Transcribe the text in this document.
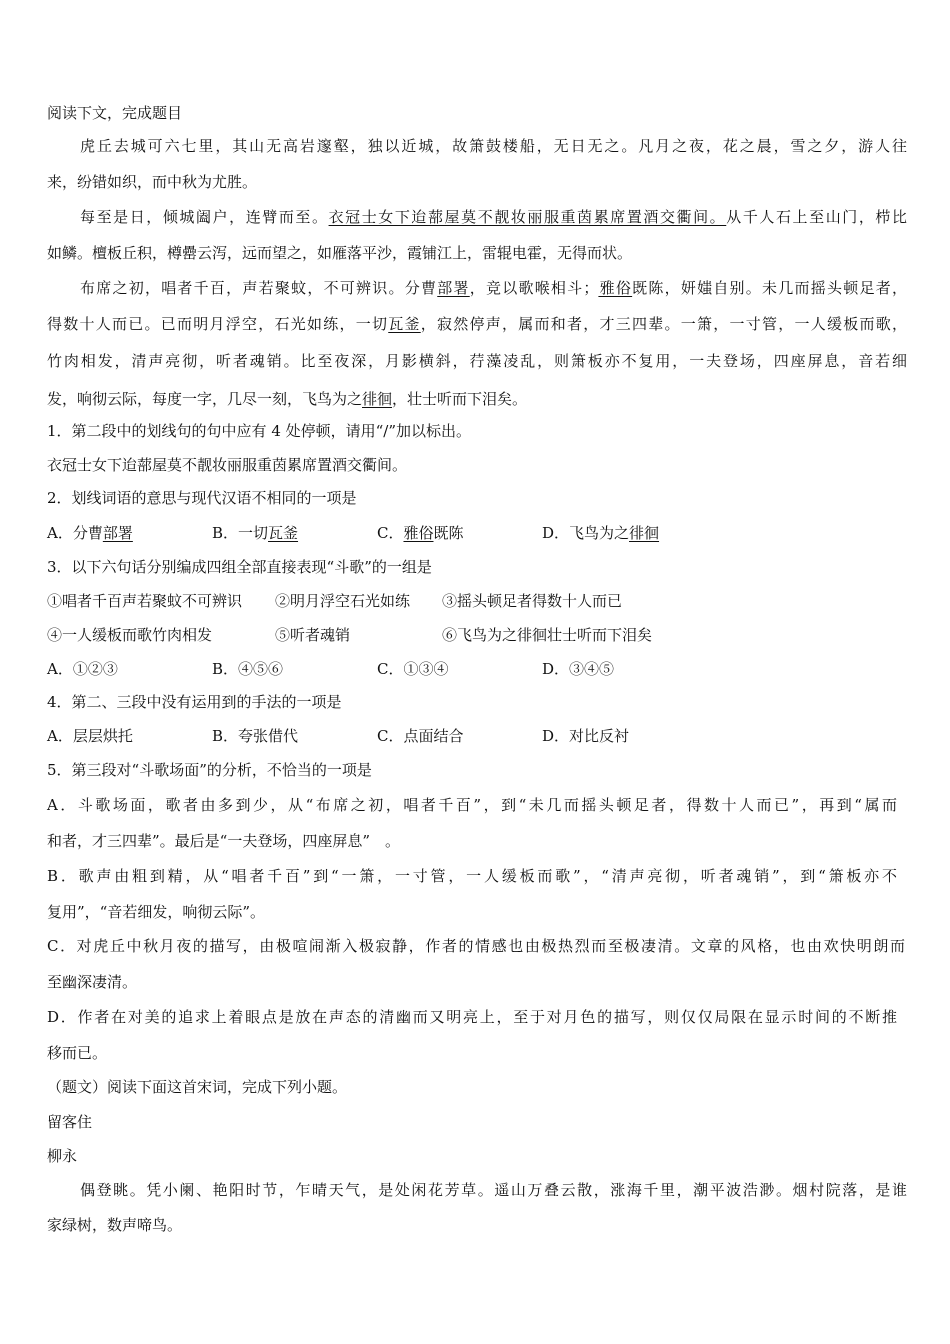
阅读下文，完成题目
虎丘去城可六七里，其山无高岩邃壑，独以近城，故箫鼓楼船，无日无之。凡月之夜，花之晨，雪之夕，游人往
来，纷错如织，而中秋为尤胜。
每至是日，倾城阖户，连臂而至。衣冠士女下迨蔀屋莫不靓妆丽服重茵累席置酒交衢间。从千人石上至山门，栉比
如鳞。檀板丘积，樽罍云泻，远而望之，如雁落平沙，霞铺江上，雷辊电霍，无得而状。
布席之初，唱者千百，声若聚蚊，不可辨识。分曹部署，竞以歌喉相斗；雅俗既陈，妍媸自别。未几而摇头顿足者，
得数十人而已。已而明月浮空，石光如练，一切瓦釜，寂然停声，属而和者，才三四辈。一箫，一寸管，一人缓板而歌，
竹肉相发，清声亮彻，听者魂销。比至夜深，月影横斜，荇藻凌乱，则箫板亦不复用，一夫登场，四座屏息，音若细
发，响彻云际，每度一字，几尽一刻，飞鸟为之徘徊，壮士听而下泪矣。
1．第二段中的划线句的句中应有 4 处停顿，请用“/”加以标出。
衣冠士女下迨蔀屋莫不靓妆丽服重茵累席置酒交衢间。
2．划线词语的意思与现代汉语不相同的一项是
A．分曹部署	B．一切瓦釜	C．雅俗既陈	D．飞鸟为之徘徊
3．以下六句话分别编成四组全部直接表现“斗歌”的一组是
①唱者千百声若聚蚊不可辨识 ②明月浮空石光如练 ③摇头顿足者得数十人而已
④一人缓板而歌竹肉相发	⑤听者魂销	⑥飞鸟为之徘徊壮士听而下泪矣
A．①②③	B．④⑤⑥	C．①③④	D．③④⑤
4．第二、三段中没有运用到的手法的一项是
A．层层烘托	B．夸张借代	C．点面结合	D．对比反衬
5．第三段对“斗歌场面”的分析，不恰当的一项是
A．斗歌场面，歌者由多到少，从“布席之初，唱者千百”，到“未几而摇头顿足者，得数十人而已”，再到“属而
和者，才三四辈”。最后是“一夫登场，四座屏息”　。
B．歌声由粗到精，从“唱者千百”到“一箫，一寸管，一人缓板而歌”，“清声亮彻，听者魂销”，到“箫板亦不
复用”，“音若细发，响彻云际”。
C．对虎丘中秋月夜的描写，由极喧闹渐入极寂静，作者的情感也由极热烈而至极凄清。文章的风格，也由欢快明朗而
至幽深凄清。
D．作者在对美的追求上着眼点是放在声态的清幽而又明亮上，至于对月色的描写，则仅仅局限在显示时间的不断推
移而已。
（题文）阅读下面这首宋词，完成下列小题。
留客住
柳永
偶登眺。凭小阑、艳阳时节，乍晴天气，是处闲花芳草。遥山万叠云散，涨海千里，潮平波浩渺。烟村院落，是谁
家绿树，数声啼鸟。
